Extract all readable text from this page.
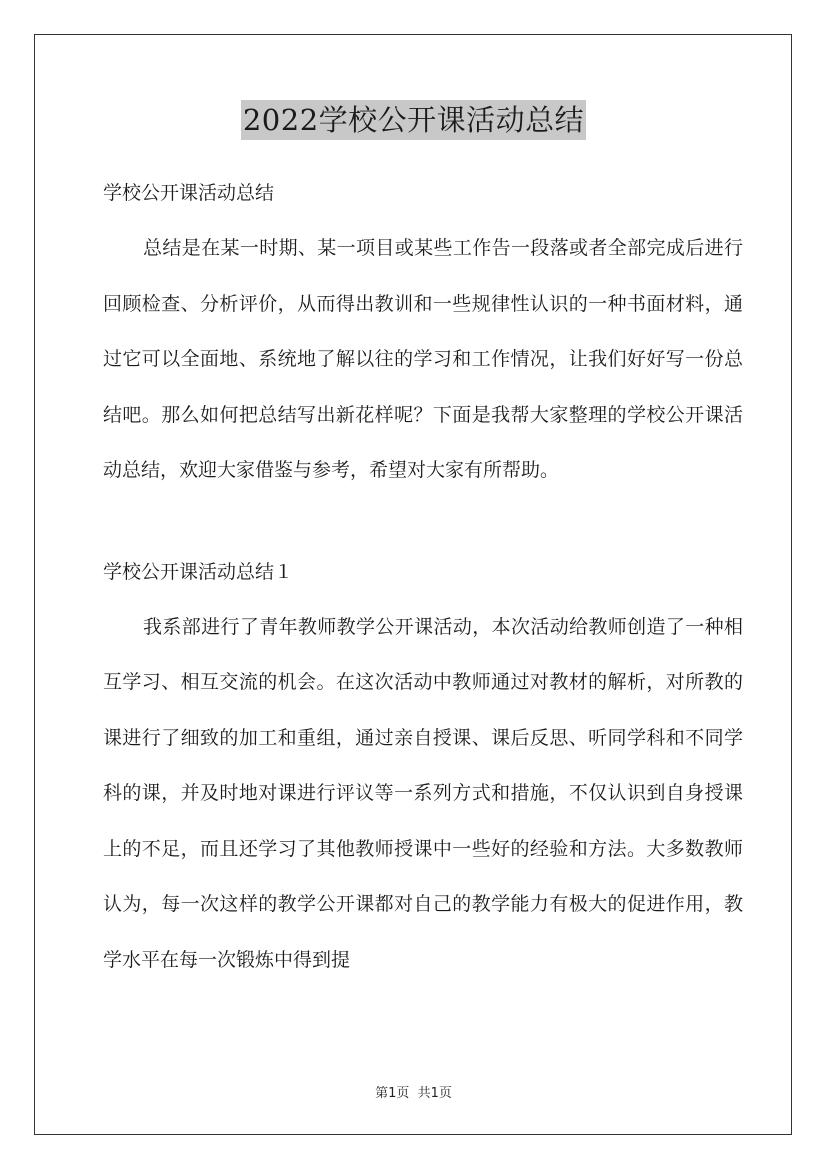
2022学校公开课活动总结

学校公开课活动总结

总结是在某一时期、某一项目或某些工作告一段落或者全部完成后进行回顾检查、分析评价，从而得出教训和一些规律性认识的一种书面材料，通过它可以全面地、系统地了解以往的学习和工作情况，让我们好好写一份总结吧。那么如何把总结写出新花样呢？下面是我帮大家整理的学校公开课活动总结，欢迎大家借鉴与参考，希望对大家有所帮助。

学校公开课活动总结１

我系部进行了青年教师教学公开课活动，本次活动给教师创造了一种相互学习、相互交流的机会。在这次活动中教师通过对教材的解析，对所教的课进行了细致的加工和重组，通过亲自授课、课后反思、听同学科和不同学科的课，并及时地对课进行评议等一系列方式和措施，不仅认识到自身授课上的不足，而且还学习了其他教师授课中一些好的经验和方法。大多数教师认为，每一次这样的教学公开课都对自己的教学能力有极大的促进作用，教学水平在每一次锻炼中得到提

第1页 共1页
